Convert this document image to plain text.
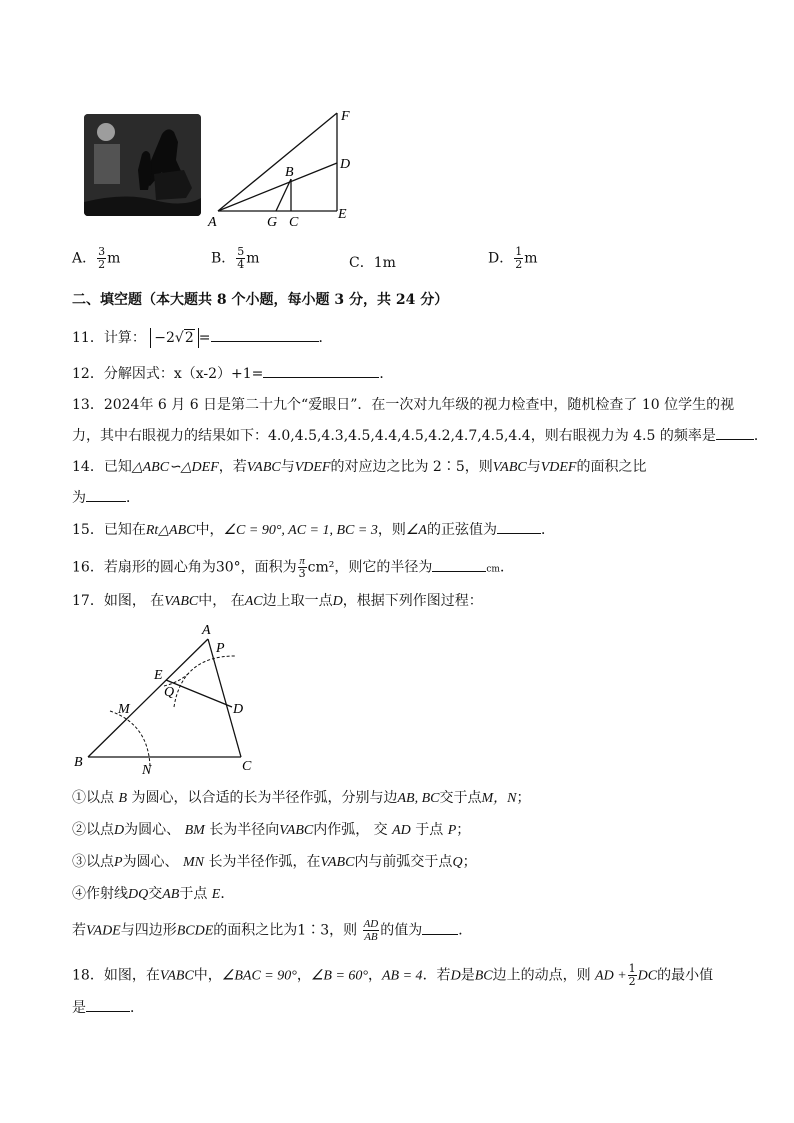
A	G C
E
B
D
F
A． $\frac{3}{2}$ m	B． $\frac{5}{4}$ m	C．1m	D． $\frac{1}{2}$ m
二、填空题（本大题共 8 个小题，每小题 3 分，共 24 分）
11．计算： −2√2 =	．
12．分解因式：x（x-2）+1=	．
13．2024年 6 月 6 日是第二十九个“爱眼日”．在一次对九年级的视力检查中，随机检查了 10 位学生的视
力，其中右眼视力的结果如下：4.0,4.5,4.3,4.5,4.4,4.5,4.2,4.7,4.5,4.4，则右眼视力为 4.5 的频率是	．
14．已知△ABC∽△DEF，若VABC与VDEF的对应边之比为 2∶5，则VABC与VDEF的面积之比
为	．
15．已知在Rt△ABC中，∠C = 90°, AC = 1, BC = 3，则∠A的正弦值为	．
16．若扇形的圆心角为30°，面积为 $\frac{\pi}{3} cm^2$，则它的半径为	cm．
17．如图， 在VABC中， 在AC边上取一点D，根据下列作图过程：
A
P
E
Q
D
M
B
N	C
①以点 B 为圆心，以合适的长为半径作弧，分别与边AB, BC交于点M，N；
②以点D为圆心、 BM 长为半径向VABC内作弧， 交 AD 于点 P；
③以点P为圆心、 MN 长为半径作弧，在VABC内与前弧交于点Q；
④作射线DQ交AB于点 E．
若VADE与四边形BCDE的面积之比为1∶3，则 $\frac{AD}{AB}$ 的值为	．
18．如图，在VABC中，∠BAC = 90°，∠B = 60°，AB = 4．若D是BC边上的动点，则 AD + $\frac{1}{2}$ DC的最小值
是	．
